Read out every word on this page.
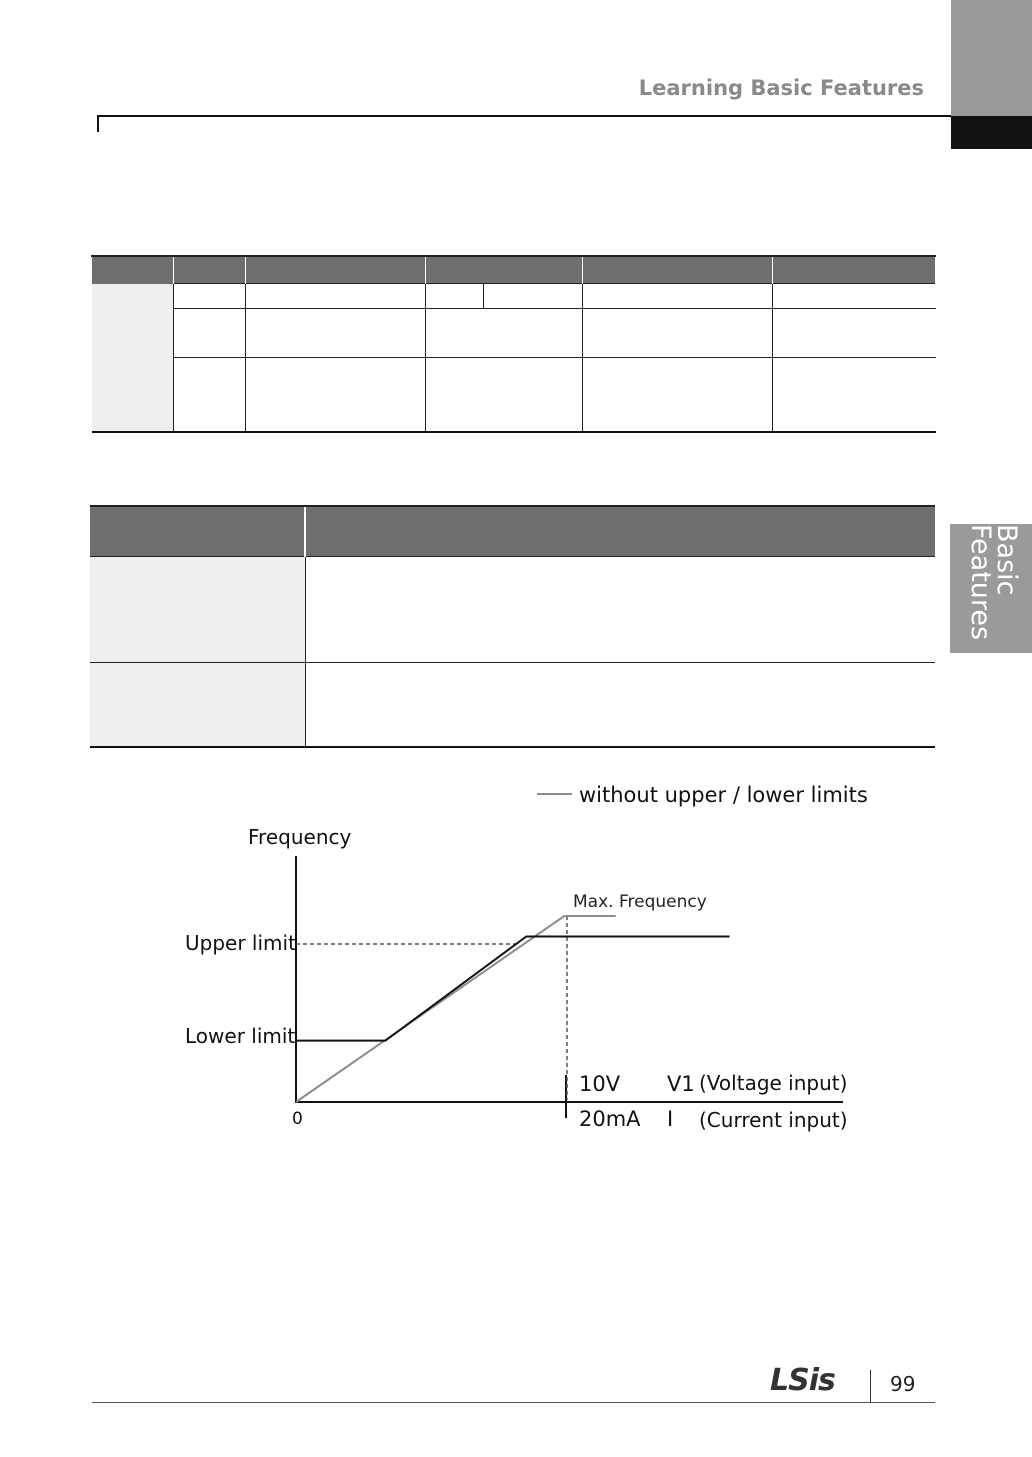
Learning Basic Features
Basic Features

without upper / lower limits
Frequency
0
Max. Frequency
Upper limit
Lower limit
10V V1 (Voltage input)
20mA I (Current input)
LSis	99
